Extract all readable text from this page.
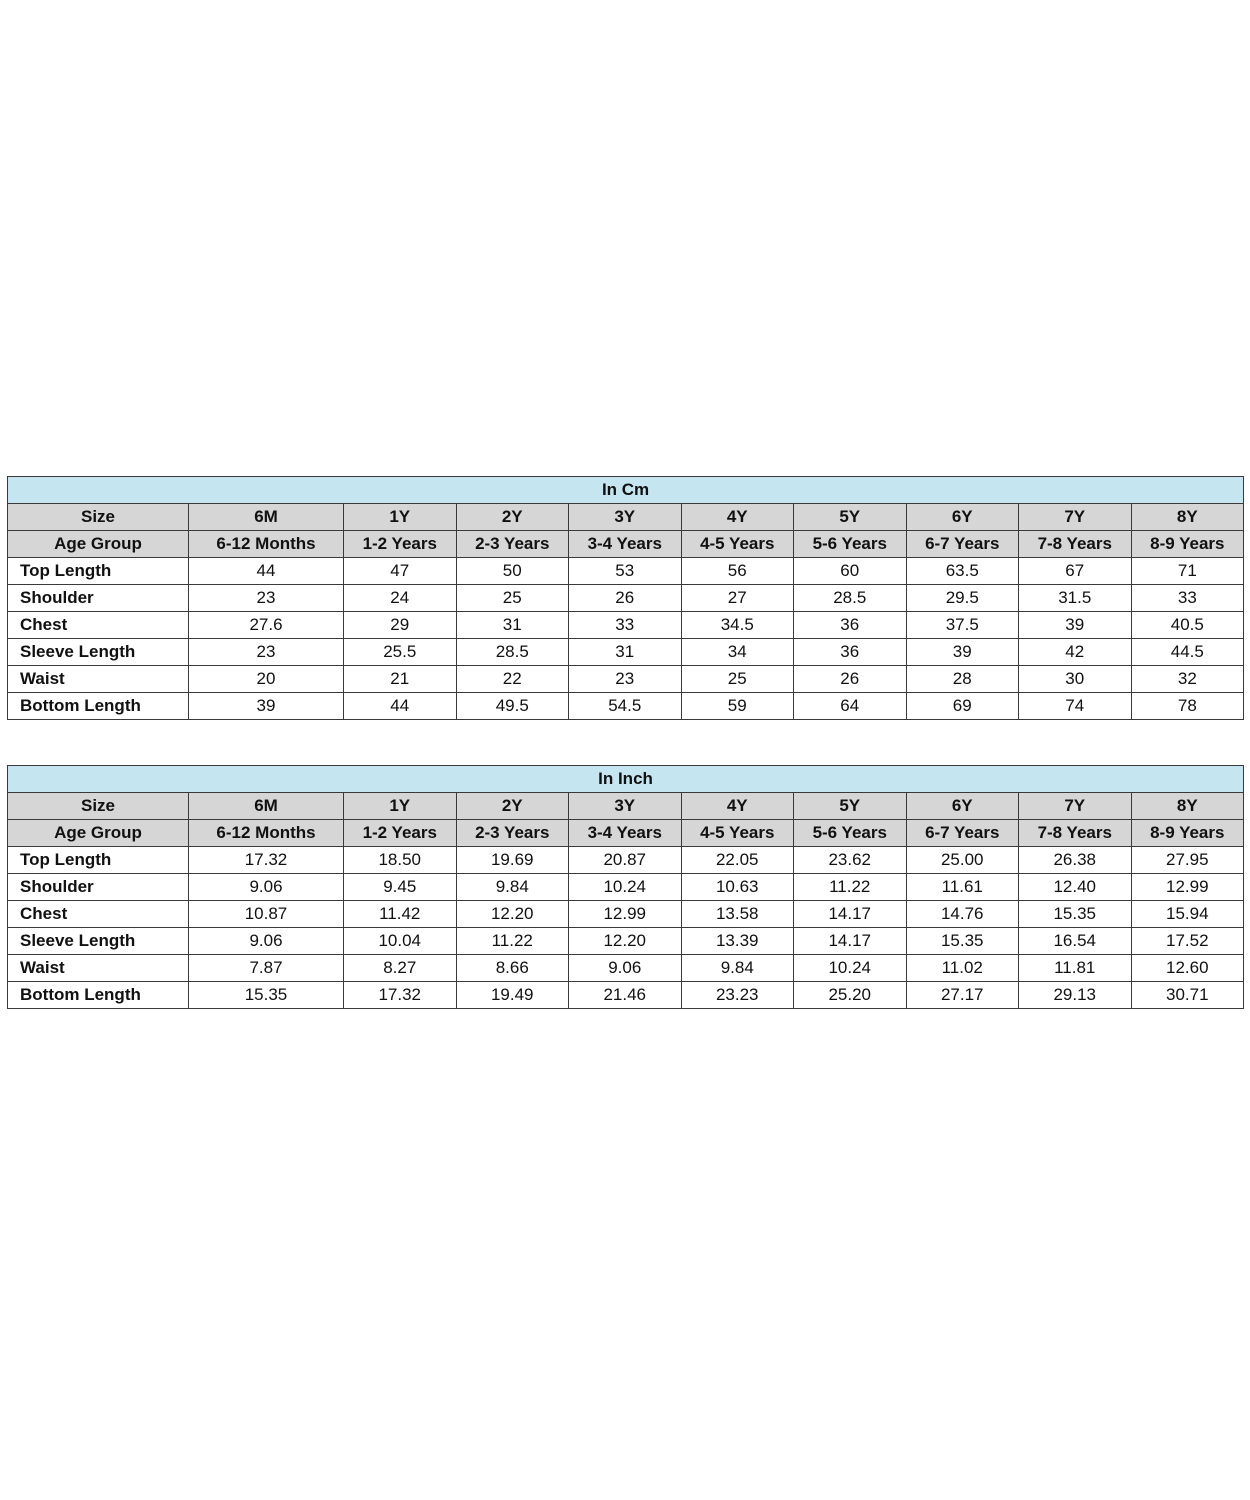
In Cm									
Size	6M	1Y	2Y	3Y	4Y	5Y	6Y	7Y	8Y
Age Group	6-12 Months	1-2 Years	2-3 Years	3-4 Years	4-5 Years	5-6 Years	6-7 Years	7-8 Years	8-9 Years
Top Length	44	47	50	53	56	60	63.5	67	71
Shoulder	23	24	25	26	27	28.5	29.5	31.5	33
Chest	27.6	29	31	33	34.5	36	37.5	39	40.5
Sleeve Length	23	25.5	28.5	31	34	36	39	42	44.5
Waist	20	21	22	23	25	26	28	30	32
Bottom Length	39	44	49.5	54.5	59	64	69	74	78
In Inch									
Size	6M	1Y	2Y	3Y	4Y	5Y	6Y	7Y	8Y
Age Group	6-12 Months	1-2 Years	2-3 Years	3-4 Years	4-5 Years	5-6 Years	6-7 Years	7-8 Years	8-9 Years
Top Length	17.32	18.50	19.69	20.87	22.05	23.62	25.00	26.38	27.95
Shoulder	9.06	9.45	9.84	10.24	10.63	11.22	11.61	12.40	12.99
Chest	10.87	11.42	12.20	12.99	13.58	14.17	14.76	15.35	15.94
Sleeve Length	9.06	10.04	11.22	12.20	13.39	14.17	15.35	16.54	17.52
Waist	7.87	8.27	8.66	9.06	9.84	10.24	11.02	11.81	12.60
Bottom Length	15.35	17.32	19.49	21.46	23.23	25.20	27.17	29.13	30.71
